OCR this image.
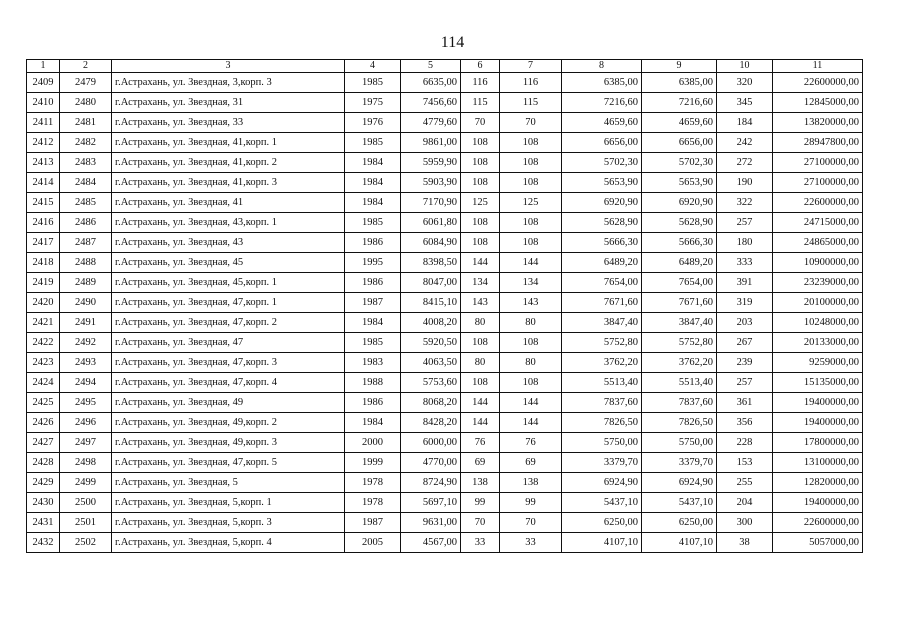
114
1	2	3	4	5	6	7	8	9	10	11
2409	2479	г.Астрахань, ул. Звездная, 3,корп. 3	1985	6635,00	116	116	6385,00	6385,00	320	22600000,00
2410	2480	г.Астрахань, ул. Звездная, 31	1975	7456,60	115	115	7216,60	7216,60	345	12845000,00
2411	2481	г.Астрахань, ул. Звездная, 33	1976	4779,60	70	70	4659,60	4659,60	184	13820000,00
2412	2482	г.Астрахань, ул. Звездная, 41,корп. 1	1985	9861,00	108	108	6656,00	6656,00	242	28947800,00
2413	2483	г.Астрахань, ул. Звездная, 41,корп. 2	1984	5959,90	108	108	5702,30	5702,30	272	27100000,00
2414	2484	г.Астрахань, ул. Звездная, 41,корп. 3	1984	5903,90	108	108	5653,90	5653,90	190	27100000,00
2415	2485	г.Астрахань, ул. Звездная, 41	1984	7170,90	125	125	6920,90	6920,90	322	22600000,00
2416	2486	г.Астрахань, ул. Звездная, 43,корп. 1	1985	6061,80	108	108	5628,90	5628,90	257	24715000,00
2417	2487	г.Астрахань, ул. Звездная, 43	1986	6084,90	108	108	5666,30	5666,30	180	24865000,00
2418	2488	г.Астрахань, ул. Звездная, 45	1995	8398,50	144	144	6489,20	6489,20	333	10900000,00
2419	2489	г.Астрахань, ул. Звездная, 45,корп. 1	1986	8047,00	134	134	7654,00	7654,00	391	23239000,00
2420	2490	г.Астрахань, ул. Звездная, 47,корп. 1	1987	8415,10	143	143	7671,60	7671,60	319	20100000,00
2421	2491	г.Астрахань, ул. Звездная, 47,корп. 2	1984	4008,20	80	80	3847,40	3847,40	203	10248000,00
2422	2492	г.Астрахань, ул. Звездная, 47	1985	5920,50	108	108	5752,80	5752,80	267	20133000,00
2423	2493	г.Астрахань, ул. Звездная, 47,корп. 3	1983	4063,50	80	80	3762,20	3762,20	239	9259000,00
2424	2494	г.Астрахань, ул. Звездная, 47,корп. 4	1988	5753,60	108	108	5513,40	5513,40	257	15135000,00
2425	2495	г.Астрахань, ул. Звездная, 49	1986	8068,20	144	144	7837,60	7837,60	361	19400000,00
2426	2496	г.Астрахань, ул. Звездная, 49,корп. 2	1984	8428,20	144	144	7826,50	7826,50	356	19400000,00
2427	2497	г.Астрахань, ул. Звездная, 49,корп. 3	2000	6000,00	76	76	5750,00	5750,00	228	17800000,00
2428	2498	г.Астрахань, ул. Звездная, 47,корп. 5	1999	4770,00	69	69	3379,70	3379,70	153	13100000,00
2429	2499	г.Астрахань, ул. Звездная, 5	1978	8724,90	138	138	6924,90	6924,90	255	12820000,00
2430	2500	г.Астрахань, ул. Звездная, 5,корп. 1	1978	5697,10	99	99	5437,10	5437,10	204	19400000,00
2431	2501	г.Астрахань, ул. Звездная, 5,корп. 3	1987	9631,00	70	70	6250,00	6250,00	300	22600000,00
2432	2502	г.Астрахань, ул. Звездная, 5,корп. 4	2005	4567,00	33	33	4107,10	4107,10	38	5057000,00
